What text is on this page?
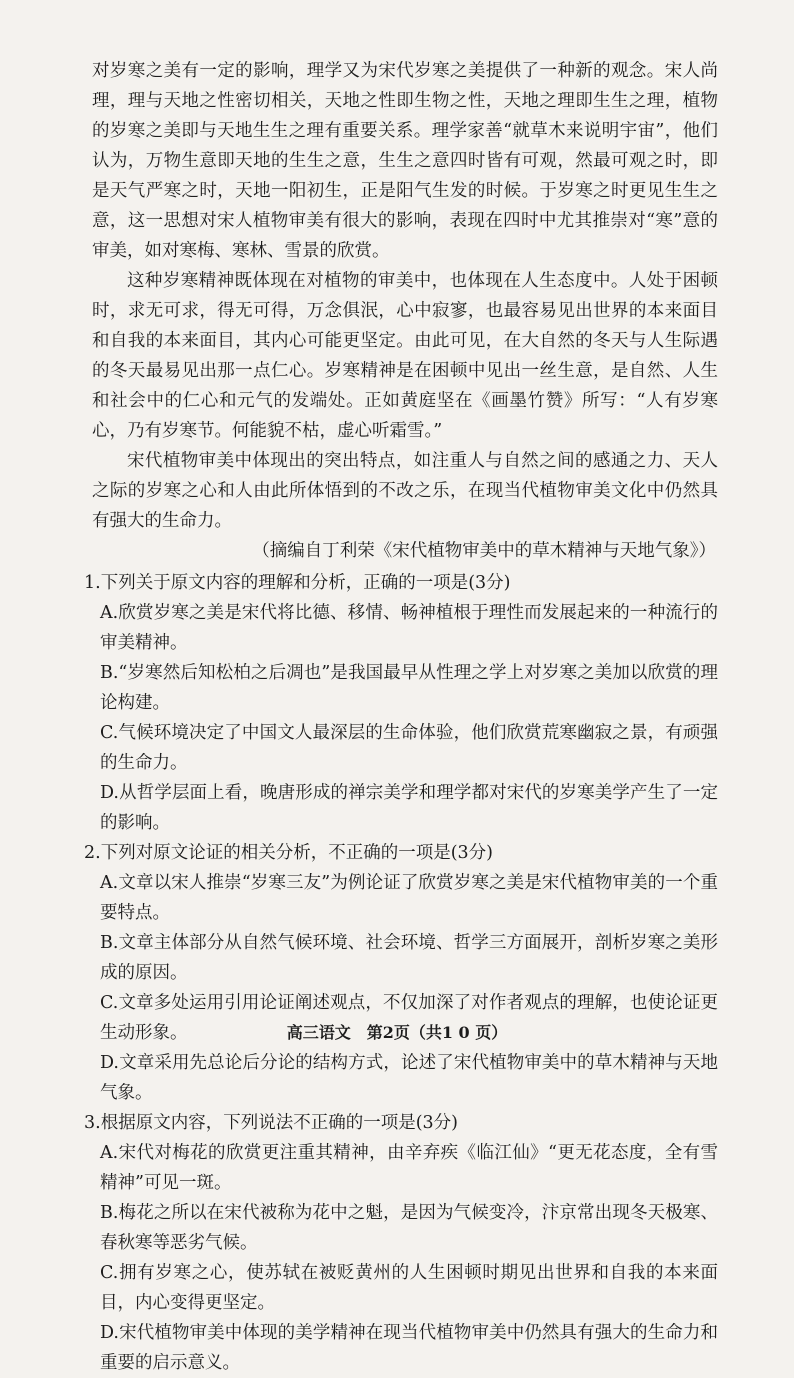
对岁寒之美有一定的影响，理学又为宋代岁寒之美提供了一种新的观念。宋人尚理，理与天地之性密切相关，天地之性即生物之性，天地之理即生生之理，植物的岁寒之美即与天地生生之理有重要关系。理学家善“就草木来说明宇宙”，他们认为，万物生意即天地的生生之意，生生之意四时皆有可观，然最可观之时，即是天气严寒之时，天地一阳初生，正是阳气生发的时候。于岁寒之时更见生生之意，这一思想对宋人植物审美有很大的影响，表现在四时中尤其推崇对“寒”意的审美，如对寒梅、寒林、雪景的欣赏。

这种岁寒精神既体现在对植物的审美中，也体现在人生态度中。人处于困顿时，求无可求，得无可得，万念俱泯，心中寂寥，也最容易见出世界的本来面目和自我的本来面目，其内心可能更坚定。由此可见，在大自然的冬天与人生际遇的冬天最易见出那一点仁心。岁寒精神是在困顿中见出一丝生意，是自然、人生和社会中的仁心和元气的发端处。正如黄庭坚在《画墨竹赞》所写：“人有岁寒心，乃有岁寒节。何能貌不枯，虚心听霜雪。”

宋代植物审美中体现出的突出特点，如注重人与自然之间的感通之力、天人之际的岁寒之心和人由此所体悟到的不改之乐，在现当代植物审美文化中仍然具有强大的生命力。

（摘编自丁利荣《宋代植物审美中的草木精神与天地气象》）

1.下列关于原文内容的理解和分析，正确的一项是(3分)

A.欣赏岁寒之美是宋代将比德、移情、畅神植根于理性而发展起来的一种流行的审美精神。

B.“岁寒然后知松柏之后凋也”是我国最早从性理之学上对岁寒之美加以欣赏的理论构建。

C.气候环境决定了中国文人最深层的生命体验，他们欣赏荒寒幽寂之景，有顽强的生命力。

D.从哲学层面上看，晚唐形成的禅宗美学和理学都对宋代的岁寒美学产生了一定的影响。

2.下列对原文论证的相关分析，不正确的一项是(3分)

A.文章以宋人推崇“岁寒三友”为例论证了欣赏岁寒之美是宋代植物审美的一个重要特点。

B.文章主体部分从自然气候环境、社会环境、哲学三方面展开，剖析岁寒之美形成的原因。

C.文章多处运用引用论证阐述观点，不仅加深了对作者观点的理解，也使论证更生动形象。

D.文章采用先总论后分论的结构方式，论述了宋代植物审美中的草木精神与天地气象。

3.根据原文内容，下列说法不正确的一项是(3分)

A.宋代对梅花的欣赏更注重其精神，由辛弃疾《临江仙》“更无花态度，全有雪精神”可见一斑。

B.梅花之所以在宋代被称为花中之魁，是因为气候变冷，汴京常出现冬天极寒、春秋寒等恶劣气候。

C.拥有岁寒之心，使苏轼在被贬黄州的人生困顿时期见出世界和自我的本来面目，内心变得更坚定。

D.宋代植物审美中体现的美学精神在现当代植物审美中仍然具有强大的生命力和重要的启示意义。

高三语文　第2页（共1 0 页）
